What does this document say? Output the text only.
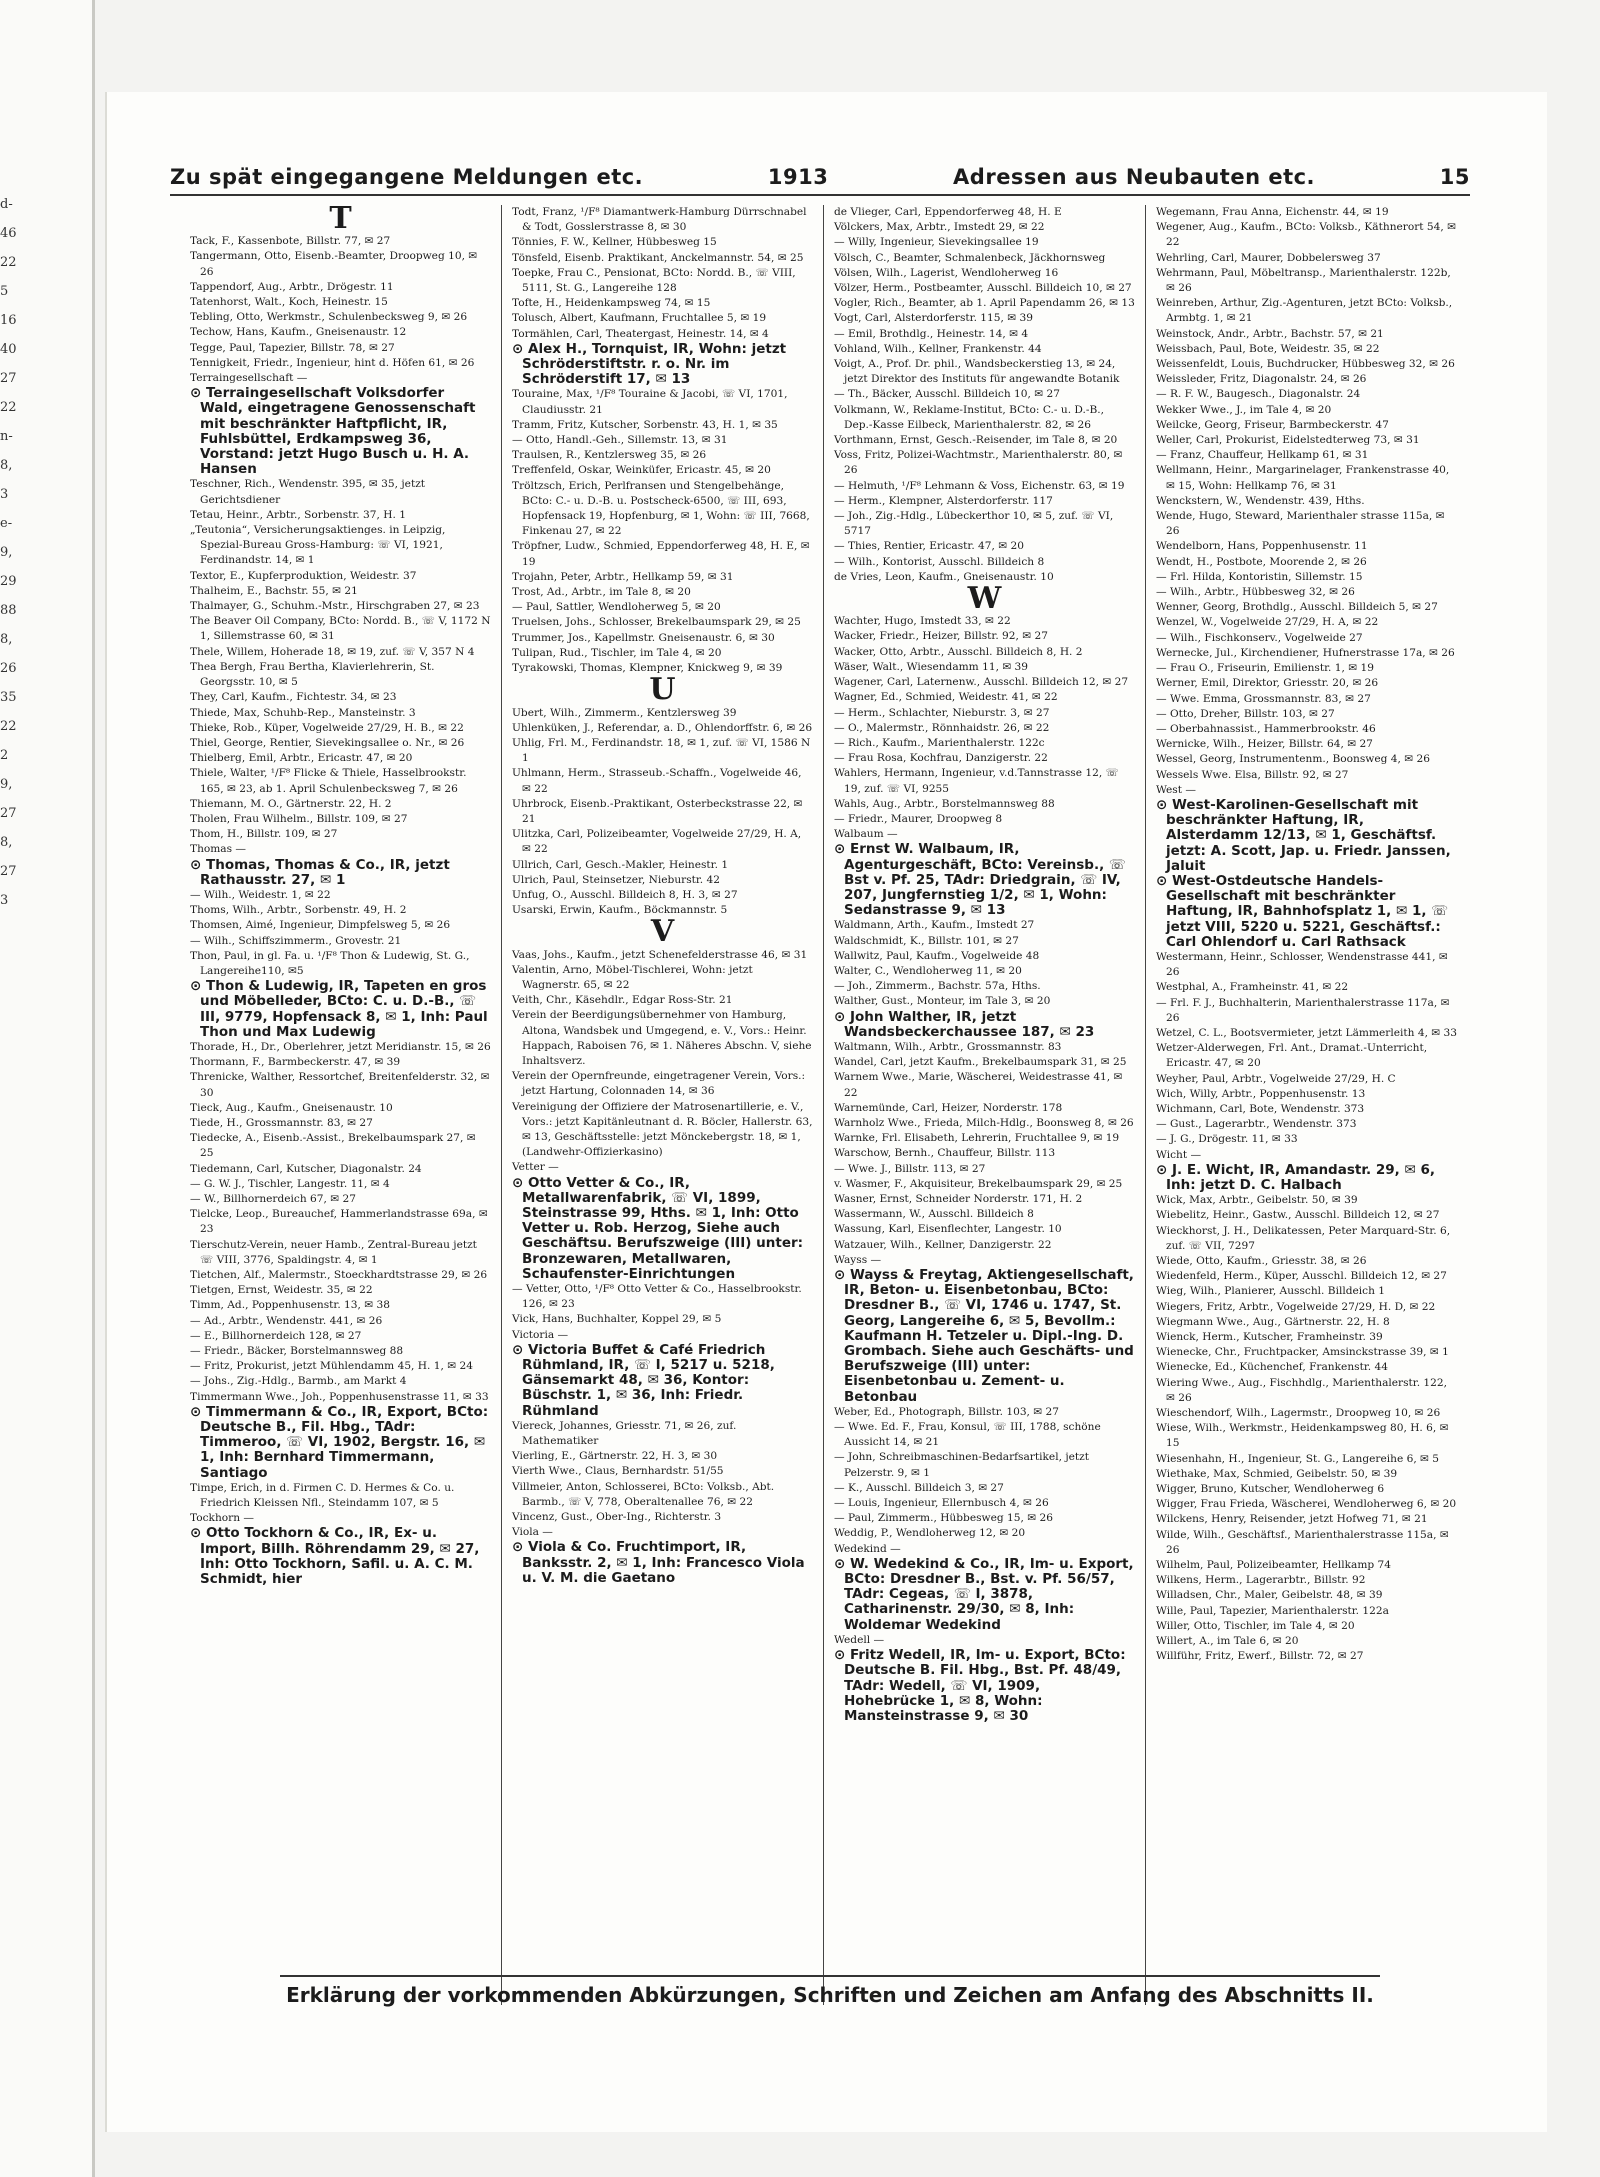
d-
46
22
5
16
40
27
22
n-
8,
3
e-
9,
29
88
8,
26
35
22
2
9,
27
8,
27
3
Zu spät eingegangene Meldungen etc.	1913	Adressen aus Neubauten etc.	15
T

Tack, F., Kassenbote, Billstr. 77, ✉ 27

Tangermann, Otto, Eisenb.-Beamter, Droopweg 10, ✉ 26

Tappendorf, Aug., Arbtr., Drögestr. 11

Tatenhorst, Walt., Koch, Heinestr. 15

Tebling, Otto, Werkmstr., Schulenbecksweg 9, ✉ 26

Techow, Hans, Kaufm., Gneisenaustr. 12

Tegge, Paul, Tapezier, Billstr. 78, ✉ 27

Tennigkeit, Friedr., Ingenieur, hint d. Höfen 61, ✉ 26

Terraingesellschaft —

⊙ Terraingesellschaft Volksdorfer Wald, eingetragene Genossenschaft mit beschränkter Haftpflicht, IR, Fuhlsbüttel, Erdkampsweg 36, Vorstand: jetzt Hugo Busch u. H. A. Hansen

Teschner, Rich., Wendenstr. 395, ✉ 35, jetzt Gerichtsdiener

Tetau, Heinr., Arbtr., Sorbenstr. 37, H. 1

„Teutonia“, Versicherungsaktienges. in Leipzig, Spezial-Bureau Gross-Hamburg: ☏ VI, 1921, Ferdinandstr. 14, ✉ 1

Textor, E., Kupferproduktion, Weidestr. 37

Thalheim, E., Bachstr. 55, ✉ 21

Thalmayer, G., Schuhm.-Mstr., Hirschgraben 27, ✉ 23

The Beaver Oil Company, BCto: Nordd. B., ☏ V, 1172 N 1, Sillemstrasse 60, ✉ 31

Thele, Willem, Hoherade 18, ✉ 19, zuf. ☏ V, 357 N 4

Thea Bergh, Frau Bertha, Klavierlehrerin, St. Georgsstr. 10, ✉ 5

They, Carl, Kaufm., Fichtestr. 34, ✉ 23

Thiede, Max, Schuhb-Rep., Mansteinstr. 3

Thieke, Rob., Küper, Vogelweide 27/29, H. B., ✉ 22

Thiel, George, Rentier, Sievekingsallee o. Nr., ✉ 26

Thielberg, Emil, Arbtr., Ericastr. 47, ✉ 20

Thiele, Walter, ¹/F⁸ Flicke & Thiele, Hasselbrookstr. 165, ✉ 23, ab 1. April Schulenbecksweg 7, ✉ 26

Thiemann, M. O., Gärtnerstr. 22, H. 2

Tholen, Frau Wilhelm., Billstr. 109, ✉ 27

Thom, H., Billstr. 109, ✉ 27

Thomas —

⊙ Thomas, Thomas & Co., IR, jetzt Rathausstr. 27, ✉ 1

— Wilh., Weidestr. 1, ✉ 22

Thoms, Wilh., Arbtr., Sorbenstr. 49, H. 2

Thomsen, Aimé, Ingenieur, Dimpfelsweg 5, ✉ 26

— Wilh., Schiffszimmerm., Grovestr. 21

Thon, Paul, in gl. Fa. u. ¹/F⁸ Thon & Ludewig, St. G., Langereihe110, ✉5

⊙ Thon & Ludewig, IR, Tapeten en gros und Möbelleder, BCto: C. u. D.-B., ☏ III, 9779, Hopfensack 8, ✉ 1, Inh: Paul Thon und Max Ludewig

Thorade, H., Dr., Oberlehrer, jetzt Meridianstr. 15, ✉ 26

Thormann, F., Barmbeckerstr. 47, ✉ 39

Threnicke, Walther, Ressortchef, Breitenfelderstr. 32, ✉ 30

Tieck, Aug., Kaufm., Gneisenaustr. 10

Tiede, H., Grossmannstr. 83, ✉ 27

Tiedecke, A., Eisenb.-Assist., Brekelbaumspark 27, ✉ 25

Tiedemann, Carl, Kutscher, Diagonalstr. 24

— G. W. J., Tischler, Langestr. 11, ✉ 4

— W., Billhornerdeich 67, ✉ 27

Tielcke, Leop., Bureauchef, Hammerlandstrasse 69a, ✉ 23

Tierschutz-Verein, neuer Hamb., Zentral-Bureau jetzt ☏ VIII, 3776, Spaldingstr. 4, ✉ 1

Tietchen, Alf., Malermstr., Stoeckhardtstrasse 29, ✉ 26

Tietgen, Ernst, Weidestr. 35, ✉ 22

Timm, Ad., Poppenhusenstr. 13, ✉ 38

— Ad., Arbtr., Wendenstr. 441, ✉ 26

— E., Billhornerdeich 128, ✉ 27

— Friedr., Bäcker, Borstelmannsweg 88

— Fritz, Prokurist, jetzt Mühlendamm 45, H. 1, ✉ 24

— Johs., Zig.-Hdlg., Barmb., am Markt 4

Timmermann Wwe., Joh., Poppenhusenstrasse 11, ✉ 33

⊙ Timmermann & Co., IR, Export, BCto: Deutsche B., Fil. Hbg., TAdr: Timmeroo, ☏ VI, 1902, Bergstr. 16, ✉ 1, Inh: Bernhard Timmermann, Santiago

Timpe, Erich, in d. Firmen C. D. Hermes & Co. u. Friedrich Kleissen Nfl., Steindamm 107, ✉ 5

Tockhorn —

⊙ Otto Tockhorn & Co., IR, Ex- u. Import, Billh. Röhrendamm 29, ✉ 27, Inh: Otto Tockhorn, Safil. u. A. C. M. Schmidt, hier

Todt, Franz, ¹/F⁸ Diamantwerk-Hamburg Dürrschnabel & Todt, Gosslerstrasse 8, ✉ 30

Tönnies, F. W., Kellner, Hübbesweg 15

Tönsfeld, Eisenb. Praktikant, Anckelmannstr. 54, ✉ 25

Toepke, Frau C., Pensionat, BCto: Nordd. B., ☏ VIII, 5111, St. G., Langereihe 128

Tofte, H., Heidenkampsweg 74, ✉ 15

Tolusch, Albert, Kaufmann, Fruchtallee 5, ✉ 19

Tormählen, Carl, Theatergast, Heinestr. 14, ✉ 4

⊙ Alex H., Tornquist, IR, Wohn: jetzt Schröderstiftstr. r. o. Nr. im Schröderstift 17, ✉ 13

Touraine, Max, ¹/F⁸ Touraine & Jacobi, ☏ VI, 1701, Claudiusstr. 21

Tramm, Fritz, Kutscher, Sorbenstr. 43, H. 1, ✉ 35

— Otto, Handl.-Geh., Sillemstr. 13, ✉ 31

Traulsen, R., Kentzlersweg 35, ✉ 26

Treffenfeld, Oskar, Weinküfer, Ericastr. 45, ✉ 20

Tröltzsch, Erich, Perlfransen und Stengelbehänge, BCto: C.- u. D.-B. u. Postscheck-6500, ☏ III, 693, Hopfensack 19, Hopfenburg, ✉ 1, Wohn: ☏ III, 7668, Finkenau 27, ✉ 22

Tröpfner, Ludw., Schmied, Eppendorferweg 48, H. E, ✉ 19

Trojahn, Peter, Arbtr., Hellkamp 59, ✉ 31

Trost, Ad., Arbtr., im Tale 8, ✉ 20

— Paul, Sattler, Wendloherweg 5, ✉ 20

Truelsen, Johs., Schlosser, Brekelbaumspark 29, ✉ 25

Trummer, Jos., Kapellmstr. Gneisenaustr. 6, ✉ 30

Tulipan, Rud., Tischler, im Tale 4, ✉ 20

Tyrakowski, Thomas, Klempner, Knickweg 9, ✉ 39

U

Ubert, Wilh., Zimmerm., Kentzlersweg 39

Uhlenküken, J., Referendar, a. D., Ohlendorffstr. 6, ✉ 26

Uhlig, Frl. M., Ferdinandstr. 18, ✉ 1, zuf. ☏ VI, 1586 N 1

Uhlmann, Herm., Strasseub.-Schaffn., Vogelweide 46, ✉ 22

Uhrbrock, Eisenb.-Praktikant, Osterbeckstrasse 22, ✉ 21

Ulitzka, Carl, Polizeibeamter, Vogelweide 27/29, H. A, ✉ 22

Ullrich, Carl, Gesch.-Makler, Heinestr. 1

Ulrich, Paul, Steinsetzer, Nieburstr. 42

Unfug, O., Ausschl. Billdeich 8, H. 3, ✉ 27

Usarski, Erwin, Kaufm., Böckmannstr. 5

V

Vaas, Johs., Kaufm., jetzt Schenefelderstrasse 46, ✉ 31

Valentin, Arno, Möbel-Tischlerei, Wohn: jetzt Wagnerstr. 65, ✉ 22

Veith, Chr., Käsehdlr., Edgar Ross-Str. 21

Verein der Beerdigungsübernehmer von Hamburg, Altona, Wandsbek und Umgegend, e. V., Vors.: Heinr. Happach, Raboisen 76, ✉ 1. Näheres Abschn. V, siehe Inhaltsverz.

Verein der Opernfreunde, eingetragener Verein, Vors.: jetzt Hartung, Colonnaden 14, ✉ 36

Vereinigung der Offiziere der Matrosenartillerie, e. V., Vors.: jetzt Kapitänleutnant d. R. Böcler, Hallerstr. 63, ✉ 13, Geschäftsstelle: jetzt Mönckebergstr. 18, ✉ 1, (Landwehr-Offizierkasino)

Vetter —

⊙ Otto Vetter & Co., IR, Metallwarenfabrik, ☏ VI, 1899, Steinstrasse 99, Hths. ✉ 1, Inh: Otto Vetter u. Rob. Herzog, Siehe auch Geschäftsu. Berufszweige (III) unter: Bronzewaren, Metallwaren, Schaufenster-Einrichtungen

— Vetter, Otto, ¹/F⁸ Otto Vetter & Co., Hasselbrookstr. 126, ✉ 23

Vick, Hans, Buchhalter, Koppel 29, ✉ 5

Victoria —

⊙ Victoria Buffet & Café Friedrich Rühmland, IR, ☏ I, 5217 u. 5218, Gänsemarkt 48, ✉ 36, Kontor: Büschstr. 1, ✉ 36, Inh: Friedr. Rühmland

Viereck, Johannes, Griesstr. 71, ✉ 26, zuf. Mathematiker

Vierling, E., Gärtnerstr. 22, H. 3, ✉ 30

Vierth Wwe., Claus, Bernhardstr. 51/55

Villmeier, Anton, Schlosserei, BCto: Volksb., Abt. Barmb., ☏ V, 778, Oberaltenallee 76, ✉ 22

Vincenz, Gust., Ober-Ing., Richterstr. 3

Viola —

⊙ Viola & Co. Fruchtimport, IR, Banksstr. 2, ✉ 1, Inh: Francesco Viola u. V. M. die Gaetano

de Vlieger, Carl, Eppendorferweg 48, H. E

Völckers, Max, Arbtr., Imstedt 29, ✉ 22

— Willy, Ingenieur, Sievekingsallee 19

Völsch, C., Beamter, Schmalenbeck, Jäckhornsweg

Völsen, Wilh., Lagerist, Wendloherweg 16

Völzer, Herm., Postbeamter, Ausschl. Billdeich 10, ✉ 27

Vogler, Rich., Beamter, ab 1. April Papendamm 26, ✉ 13

Vogt, Carl, Alsterdorferstr. 115, ✉ 39

— Emil, Brothdlg., Heinestr. 14, ✉ 4

Vohland, Wilh., Kellner, Frankenstr. 44

Voigt, A., Prof. Dr. phil., Wandsbeckerstieg 13, ✉ 24, jetzt Direktor des Instituts für angewandte Botanik

— Th., Bäcker, Ausschl. Billdeich 10, ✉ 27

Volkmann, W., Reklame-Institut, BCto: C.- u. D.-B., Dep.-Kasse Eilbeck, Marienthalerstr. 82, ✉ 26

Vorthmann, Ernst, Gesch.-Reisender, im Tale 8, ✉ 20

Voss, Fritz, Polizei-Wachtmstr., Marienthalerstr. 80, ✉ 26

— Helmuth, ¹/F⁸ Lehmann & Voss, Eichenstr. 63, ✉ 19

— Herm., Klempner, Alsterdorferstr. 117

— Joh., Zig.-Hdlg., Lübeckerthor 10, ✉ 5, zuf. ☏ VI, 5717

— Thies, Rentier, Ericastr. 47, ✉ 20

— Wilh., Kontorist, Ausschl. Billdeich 8

de Vries, Leon, Kaufm., Gneisenaustr. 10

W

Wachter, Hugo, Imstedt 33, ✉ 22

Wacker, Friedr., Heizer, Billstr. 92, ✉ 27

Wacker, Otto, Arbtr., Ausschl. Billdeich 8, H. 2

Wäser, Walt., Wiesendamm 11, ✉ 39

Wagener, Carl, Laternenw., Ausschl. Billdeich 12, ✉ 27

Wagner, Ed., Schmied, Weidestr. 41, ✉ 22

— Herm., Schlachter, Nieburstr. 3, ✉ 27

— O., Malermstr., Rönnhaidstr. 26, ✉ 22

— Rich., Kaufm., Marienthalerstr. 122c

— Frau Rosa, Kochfrau, Danzigerstr. 22

Wahlers, Hermann, Ingenieur, v.d.Tannstrasse 12, ☏ 19, zuf. ☏ VI, 9255

Wahls, Aug., Arbtr., Borstelmannsweg 88

— Friedr., Maurer, Droopweg 8

Walbaum —

⊙ Ernst W. Walbaum, IR, Agenturgeschäft, BCto: Vereinsb., ☏ Bst v. Pf. 25, TAdr: Driedgrain, ☏ IV, 207, Jungfernstieg 1/2, ✉ 1, Wohn: Sedanstrasse 9, ✉ 13

Waldmann, Arth., Kaufm., Imstedt 27

Waldschmidt, K., Billstr. 101, ✉ 27

Wallwitz, Paul, Kaufm., Vogelweide 48

Walter, C., Wendloherweg 11, ✉ 20

— Joh., Zimmerm., Bachstr. 57a, Hths.

Walther, Gust., Monteur, im Tale 3, ✉ 20

⊙ John Walther, IR, jetzt Wandsbeckerchaussee 187, ✉ 23

Waltmann, Wilh., Arbtr., Grossmannstr. 83

Wandel, Carl, jetzt Kaufm., Brekelbaumspark 31, ✉ 25

Warnem Wwe., Marie, Wäscherei, Weidestrasse 41, ✉ 22

Warnemünde, Carl, Heizer, Norderstr. 178

Warnholz Wwe., Frieda, Milch-Hdlg., Boonsweg 8, ✉ 26

Warnke, Frl. Elisabeth, Lehrerin, Fruchtallee 9, ✉ 19

Warschow, Bernh., Chauffeur, Billstr. 113

— Wwe. J., Billstr. 113, ✉ 27

v. Wasmer, F., Akquisiteur, Brekelbaumspark 29, ✉ 25

Wasner, Ernst, Schneider Norderstr. 171, H. 2

Wassermann, W., Ausschl. Billdeich 8

Wassung, Karl, Eisenflechter, Langestr. 10

Watzauer, Wilh., Kellner, Danzigerstr. 22

Wayss —

⊙ Wayss & Freytag, Aktiengesellschaft, IR, Beton- u. Eisenbetonbau, BCto: Dresdner B., ☏ VI, 1746 u. 1747, St. Georg, Langereihe 6, ✉ 5, Bevollm.: Kaufmann H. Tetzeler u. Dipl.-Ing. D. Grombach. Siehe auch Geschäfts- und Berufszweige (III) unter: Eisenbetonbau u. Zement- u. Betonbau

Weber, Ed., Photograph, Billstr. 103, ✉ 27

— Wwe. Ed. F., Frau, Konsul, ☏ III, 1788, schöne Aussicht 14, ✉ 21

— John, Schreibmaschinen-Bedarfsartikel, jetzt Pelzerstr. 9, ✉ 1

— K., Ausschl. Billdeich 3, ✉ 27

— Louis, Ingenieur, Ellernbusch 4, ✉ 26

— Paul, Zimmerm., Hübbesweg 15, ✉ 26

Weddig, P., Wendloherweg 12, ✉ 20

Wedekind —

⊙ W. Wedekind & Co., IR, Im- u. Export, BCto: Dresdner B., Bst. v. Pf. 56/57, TAdr: Cegeas, ☏ I, 3878, Catharinenstr. 29/30, ✉ 8, Inh: Woldemar Wedekind

Wedell —

⊙ Fritz Wedell, IR, Im- u. Export, BCto: Deutsche B. Fil. Hbg., Bst. Pf. 48/49, TAdr: Wedell, ☏ VI, 1909, Hohebrücke 1, ✉ 8, Wohn: Mansteinstrasse 9, ✉ 30

Wegemann, Frau Anna, Eichenstr. 44, ✉ 19

Wegener, Aug., Kaufm., BCto: Volksb., Käthnerort 54, ✉ 22

Wehrling, Carl, Maurer, Dobbelersweg 37

Wehrmann, Paul, Möbeltransp., Marienthalerstr. 122b, ✉ 26

Weinreben, Arthur, Zig.-Agenturen, jetzt BCto: Volksb., Armbtg. 1, ✉ 21

Weinstock, Andr., Arbtr., Bachstr. 57, ✉ 21

Weissbach, Paul, Bote, Weidestr. 35, ✉ 22

Weissenfeldt, Louis, Buchdrucker, Hübbesweg 32, ✉ 26

Weissleder, Fritz, Diagonalstr. 24, ✉ 26

— R. F. W., Baugesch., Diagonalstr. 24

Wekker Wwe., J., im Tale 4, ✉ 20

Weilcke, Georg, Friseur, Barmbeckerstr. 47

Weller, Carl, Prokurist, Eidelstedterweg 73, ✉ 31

— Franz, Chauffeur, Hellkamp 61, ✉ 31

Wellmann, Heinr., Margarinelager, Frankenstrasse 40, ✉ 15, Wohn: Hellkamp 76, ✉ 31

Wenckstern, W., Wendenstr. 439, Hths.

Wende, Hugo, Steward, Marienthaler strasse 115a, ✉ 26

Wendelborn, Hans, Poppenhusenstr. 11

Wendt, H., Postbote, Moorende 2, ✉ 26

— Frl. Hilda, Kontoristin, Sillemstr. 15

— Wilh., Arbtr., Hübbesweg 32, ✉ 26

Wenner, Georg, Brothdlg., Ausschl. Billdeich 5, ✉ 27

Wenzel, W., Vogelweide 27/29, H. A, ✉ 22

— Wilh., Fischkonserv., Vogelweide 27

Wernecke, Jul., Kirchendiener, Hufnerstrasse 17a, ✉ 26

— Frau O., Friseurin, Emilienstr. 1, ✉ 19

Werner, Emil, Direktor, Griesstr. 20, ✉ 26

— Wwe. Emma, Grossmannstr. 83, ✉ 27

— Otto, Dreher, Billstr. 103, ✉ 27

— Oberbahnassist., Hammerbrookstr. 46

Wernicke, Wilh., Heizer, Billstr. 64, ✉ 27

Wessel, Georg, Instrumentenm., Boonsweg 4, ✉ 26

Wessels Wwe. Elsa, Billstr. 92, ✉ 27

West —

⊙ West-Karolinen-Gesellschaft mit beschränkter Haftung, IR, Alsterdamm 12/13, ✉ 1, Geschäftsf. jetzt: A. Scott, Jap. u. Friedr. Janssen, Jaluit

⊙ West-Ostdeutsche Handels-Gesellschaft mit beschränkter Haftung, IR, Bahnhofsplatz 1, ✉ 1, ☏ jetzt VIII, 5220 u. 5221, Geschäftsf.: Carl Ohlendorf u. Carl Rathsack

Westermann, Heinr., Schlosser, Wendenstrasse 441, ✉ 26

Westphal, A., Framheinstr. 41, ✉ 22

— Frl. F. J., Buchhalterin, Marienthalerstrasse 117a, ✉ 26

Wetzel, C. L., Bootsvermieter, jetzt Lämmerleith 4, ✉ 33

Wetzer-Alderwegen, Frl. Ant., Dramat.-Unterricht, Ericastr. 47, ✉ 20

Weyher, Paul, Arbtr., Vogelweide 27/29, H. C

Wich, Willy, Arbtr., Poppenhusenstr. 13

Wichmann, Carl, Bote, Wendenstr. 373

— Gust., Lagerarbtr., Wendenstr. 373

— J. G., Drögestr. 11, ✉ 33

Wicht —

⊙ J. E. Wicht, IR, Amandastr. 29, ✉ 6, Inh: jetzt D. C. Halbach

Wick, Max, Arbtr., Geibelstr. 50, ✉ 39

Wiebelitz, Heinr., Gastw., Ausschl. Billdeich 12, ✉ 27

Wieckhorst, J. H., Delikatessen, Peter Marquard-Str. 6, zuf. ☏ VII, 7297

Wiede, Otto, Kaufm., Griesstr. 38, ✉ 26

Wiedenfeld, Herm., Küper, Ausschl. Billdeich 12, ✉ 27

Wieg, Wilh., Planierer, Ausschl. Billdeich 1

Wiegers, Fritz, Arbtr., Vogelweide 27/29, H. D, ✉ 22

Wiegmann Wwe., Aug., Gärtnerstr. 22, H. 8

Wienck, Herm., Kutscher, Framheinstr. 39

Wienecke, Chr., Fruchtpacker, Amsinckstrasse 39, ✉ 1

Wienecke, Ed., Küchenchef, Frankenstr. 44

Wiering Wwe., Aug., Fischhdlg., Marienthalerstr. 122, ✉ 26

Wieschendorf, Wilh., Lagermstr., Droopweg 10, ✉ 26

Wiese, Wilh., Werkmstr., Heidenkampsweg 80, H. 6, ✉ 15

Wiesenhahn, H., Ingenieur, St. G., Langereihe 6, ✉ 5

Wiethake, Max, Schmied, Geibelstr. 50, ✉ 39

Wigger, Bruno, Kutscher, Wendloherweg 6

Wigger, Frau Frieda, Wäscherei, Wendloherweg 6, ✉ 20

Wilckens, Henry, Reisender, jetzt Hofweg 71, ✉ 21

Wilde, Wilh., Geschäftsf., Marienthalerstrasse 115a, ✉ 26

Wilhelm, Paul, Polizeibeamter, Hellkamp 74

Wilkens, Herm., Lagerarbtr., Billstr. 92

Willadsen, Chr., Maler, Geibelstr. 48, ✉ 39

Wille, Paul, Tapezier, Marienthalerstr. 122a

Willer, Otto, Tischler, im Tale 4, ✉ 20

Willert, A., im Tale 6, ✉ 20

Willführ, Fritz, Ewerf., Billstr. 72, ✉ 27

Erklärung der vorkommenden Abkürzungen, Schriften und Zeichen am Anfang des Abschnitts II.
